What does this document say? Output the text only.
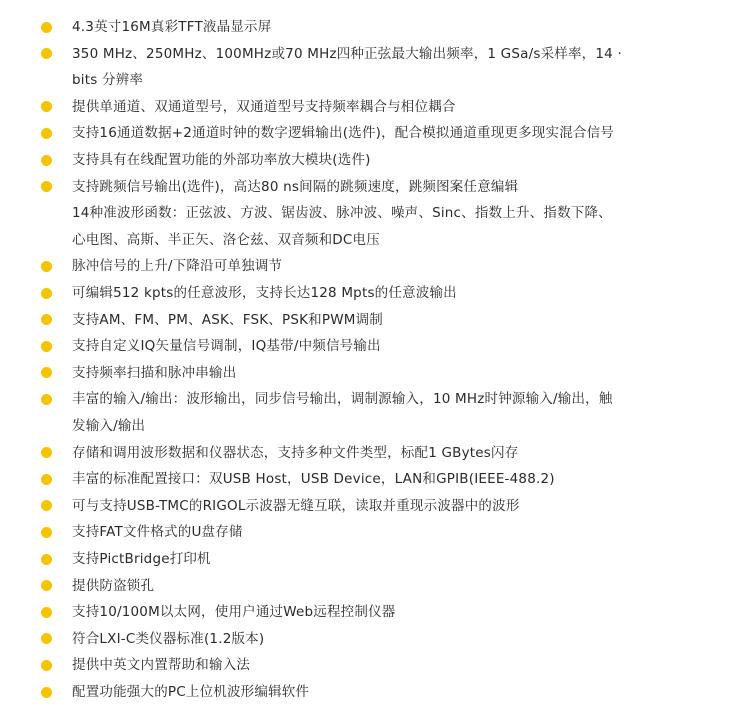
4.3英寸16M真彩TFT液晶显示屏
350 MHz、250MHz、100MHz或70 MHz四种正弦最大输出频率，1 GSa/s采样率，14 ·
bits 分辨率
提供单通道、双通道型号，双通道型号支持频率耦合与相位耦合
支持16通道数据+2通道时钟的数字逻辑输出(选件)，配合模拟通道重现更多现实混合信号
支持具有在线配置功能的外部功率放大模块(选件)
支持跳频信号输出(选件)，高达80 ns间隔的跳频速度，跳频图案任意编辑
14种准波形函数：正弦波、方波、锯齿波、脉冲波、噪声、Sinc、指数上升、指数下降、
心电图、高斯、半正矢、洛仑兹、双音频和DC电压
脉冲信号的上升/下降沿可单独调节
可编辑512 kpts的任意波形，支持长达128 Mpts的任意波输出
支持AM、FM、PM、ASK、FSK、PSK和PWM调制
支持自定义IQ矢量信号调制，IQ基带/中频信号输出
支持频率扫描和脉冲串输出
丰富的输入/输出：波形输出，同步信号输出，调制源输入，10 MHz时钟源输入/输出，触
发输入/输出
存储和调用波形数据和仪器状态，支持多种文件类型，标配1 GBytes闪存
丰富的标准配置接口：双USB Host，USB Device，LAN和GPIB(IEEE-488.2)
可与支持USB-TMC的RIGOL示波器无缝互联，读取并重现示波器中的波形
支持FAT文件格式的U盘存储
支持PictBridge打印机
提供防盗锁孔
支持10/100M以太网，使用户通过Web远程控制仪器
符合LXI-C类仪器标准(1.2版本)
提供中英文内置帮助和输入法
配置功能强大的PC上位机波形编辑软件
